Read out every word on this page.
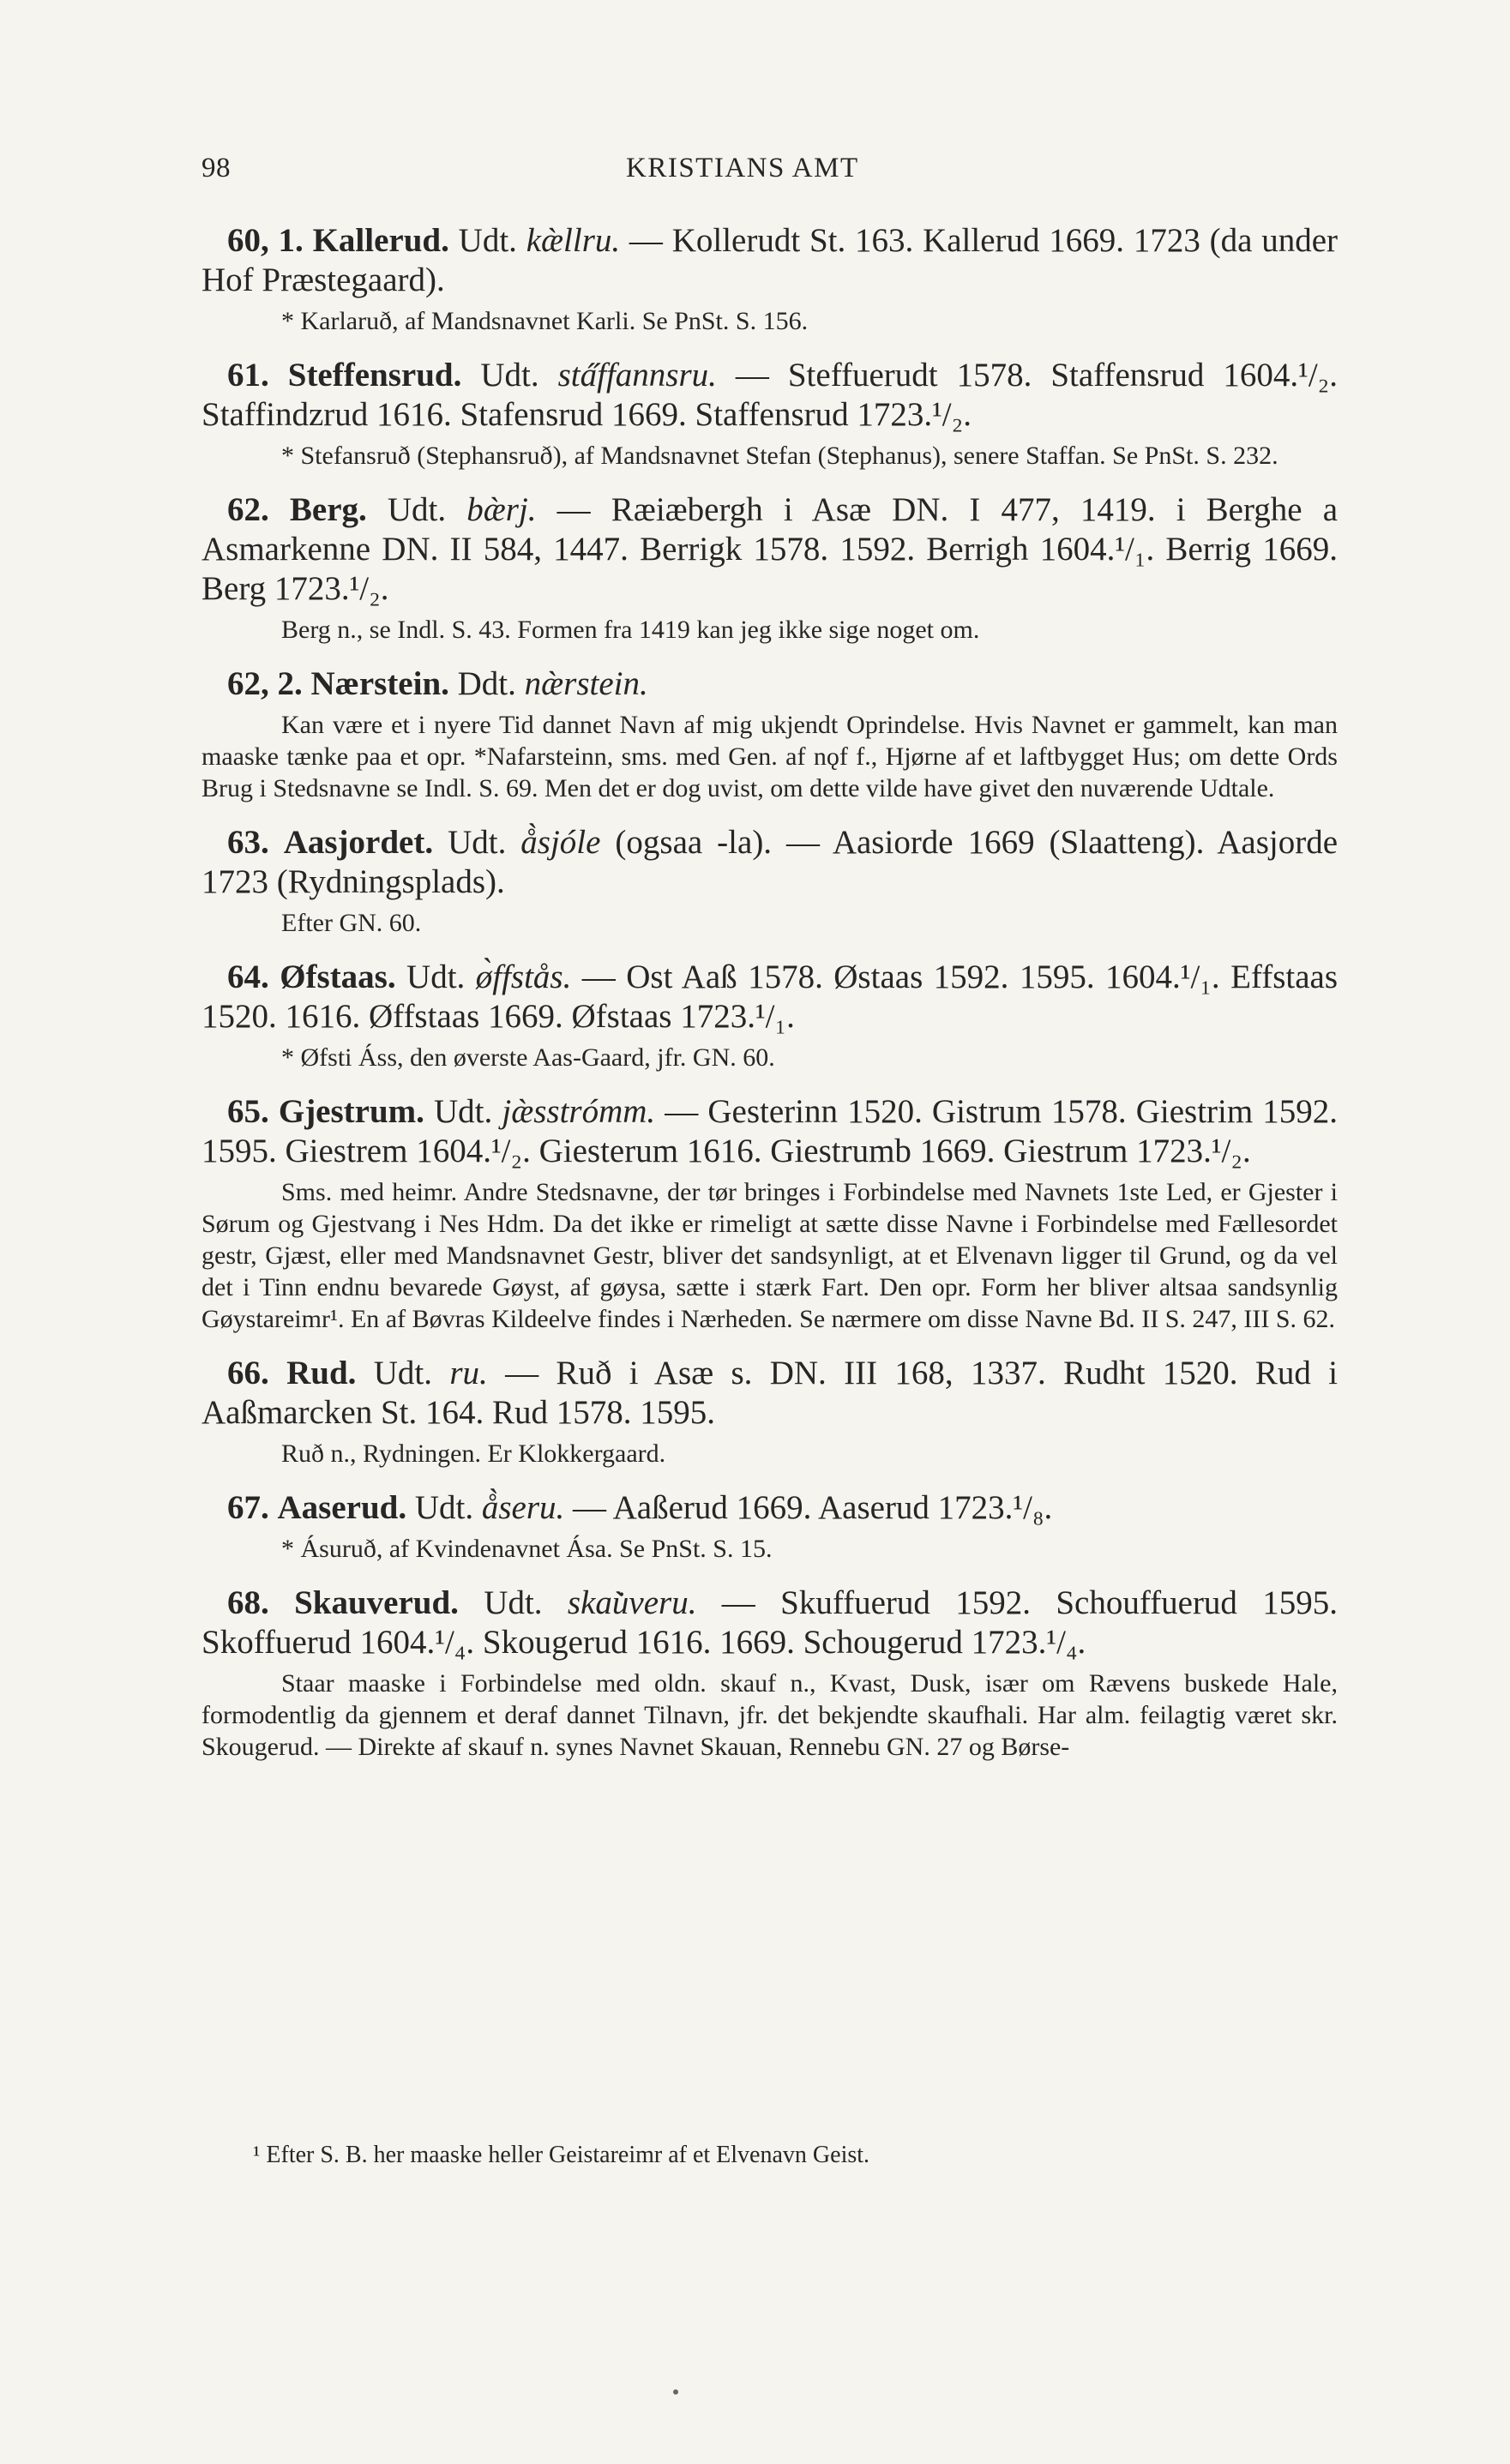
98	KRISTIANS AMT

60, 1. Kallerud. Udt. kæ̀llru. — Kollerudt St. 163. Kallerud 1669. 1723 (da under Hof Præstegaard).

* Karlaruð, af Mandsnavnet Karli. Se PnSt. S. 156.

61. Steffensrud. Udt. sta̋ffannsru. — Steffuerudt 1578. Staffensrud 1604.¹/₂. Staffindzrud 1616. Stafensrud 1669. Staffensrud 1723.¹/₂.

* Stefansruð (Stephansruð), af Mandsnavnet Stefan (Stephanus), senere Staffan. Se PnSt. S. 232.

62. Berg. Udt. bæ̀rj. — Ræiæbergh i Asæ DN. I 477, 1419. i Berghe a Asmarkenne DN. II 584, 1447. Berrigk 1578. 1592. Berrigh 1604.¹/₁. Berrig 1669. Berg 1723.¹/₂.

Berg n., se Indl. S. 43. Formen fra 1419 kan jeg ikke sige noget om.

62, 2. Nærstein. Ddt. næ̀rstein.

Kan være et i nyere Tid dannet Navn af mig ukjendt Oprindelse. Hvis Navnet er gammelt, kan man maaske tænke paa et opr. *Nafarsteinn, sms. med Gen. af nǫf f., Hjørne af et laftbygget Hus; om dette Ords Brug i Stedsnavne se Indl. S. 69. Men det er dog uvist, om dette vilde have givet den nuværende Udtale.

63. Aasjordet. Udt. å̀sjóle (ogsaa -la). — Aasiorde 1669 (Slaatteng). Aasjorde 1723 (Rydningsplads).

Efter GN. 60.

64. Øfstaas. Udt. ø̀ffstås. — Ost Aaß 1578. Østaas 1592. 1595. 1604.¹/₁. Effstaas 1520. 1616. Øffstaas 1669. Øfstaas 1723.¹/₁.

* Øfsti Áss, den øverste Aas-Gaard, jfr. GN. 60.

65. Gjestrum. Udt. jæ̀sstrómm. — Gesterinn 1520. Gistrum 1578. Giestrim 1592. 1595. Giestrem 1604.¹/₂. Giesterum 1616. Giestrumb 1669. Giestrum 1723.¹/₂.

Sms. med heimr. Andre Stedsnavne, der tør bringes i Forbindelse med Navnets 1ste Led, er Gjester i Sørum og Gjestvang i Nes Hdm. Da det ikke er rimeligt at sætte disse Navne i Forbindelse med Fællesordet gestr, Gjæst, eller med Mandsnavnet Gestr, bliver det sandsynligt, at et Elvenavn ligger til Grund, og da vel det i Tinn endnu bevarede Gøyst, af gøysa, sætte i stærk Fart. Den opr. Form her bliver altsaa sandsynlig Gøystareimr¹. En af Bøvras Kildeelve findes i Nærheden. Se nærmere om disse Navne Bd. II S. 247, III S. 62.

66. Rud. Udt. ru. — Ruð i Asæ s. DN. III 168, 1337. Rudht 1520. Rud i Aaßmarcken St. 164. Rud 1578. 1595.

Ruð n., Rydningen. Er Klokkergaard.

67. Aaserud. Udt. å̀seru. — Aaßerud 1669. Aaserud 1723.¹/₈.

* Ásuruð, af Kvindenavnet Ása. Se PnSt. S. 15.

68. Skauverud. Udt. skau̇̀veru. — Skuffuerud 1592. Schouffuerud 1595. Skoffuerud 1604.¹/₄. Skougerud 1616. 1669. Schougerud 1723.¹/₄.

Staar maaske i Forbindelse med oldn. skauf n., Kvast, Dusk, især om Rævens buskede Hale, formodentlig da gjennem et deraf dannet Tilnavn, jfr. det bekjendte skaufhali. Har alm. feilagtig været skr. Skougerud. — Direkte af skauf n. synes Navnet Skauan, Rennebu GN. 27 og Børse-

¹ Efter S. B. her maaske heller Geistareimr af et Elvenavn Geist.
